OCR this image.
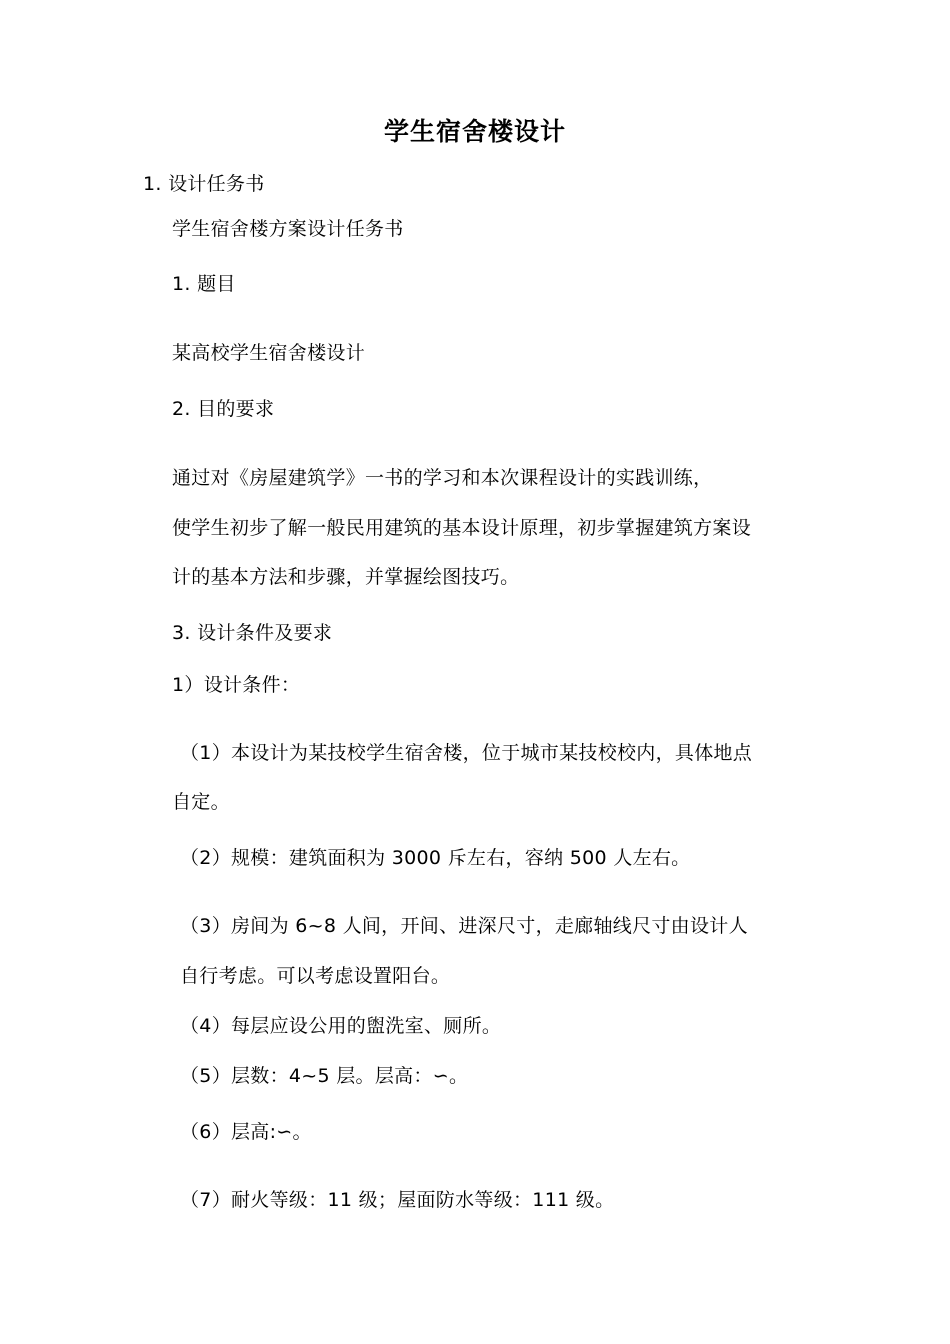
学生宿舍楼设计
1. 设计任务书
学生宿舍楼方案设计任务书
1. 题目
某高校学生宿舍楼设计
2. 目的要求
通过对《房屋建筑学》一书的学习和本次课程设计的实践训练，
使学生初步了解一般民用建筑的基本设计原理，初步掌握建筑方案设
计的基本方法和步骤，并掌握绘图技巧。
3. 设计条件及要求
1）设计条件：
（1）本设计为某技校学生宿舍楼，位于城市某技校校内，具体地点
自定。
（2）规模：建筑面积为 3000 斥左右，容纳 500 人左右。
（3）房间为 6~8 人间，开间、进深尺寸，走廊轴线尺寸由设计人
自行考虑。可以考虑设置阳台。
（4）每层应设公用的盥洗室、厕所。
（5）层数：4~5 层。层高：∽。
（6）层高:∽。
（7）耐火等级：11 级；屋面防水等级：111 级。
